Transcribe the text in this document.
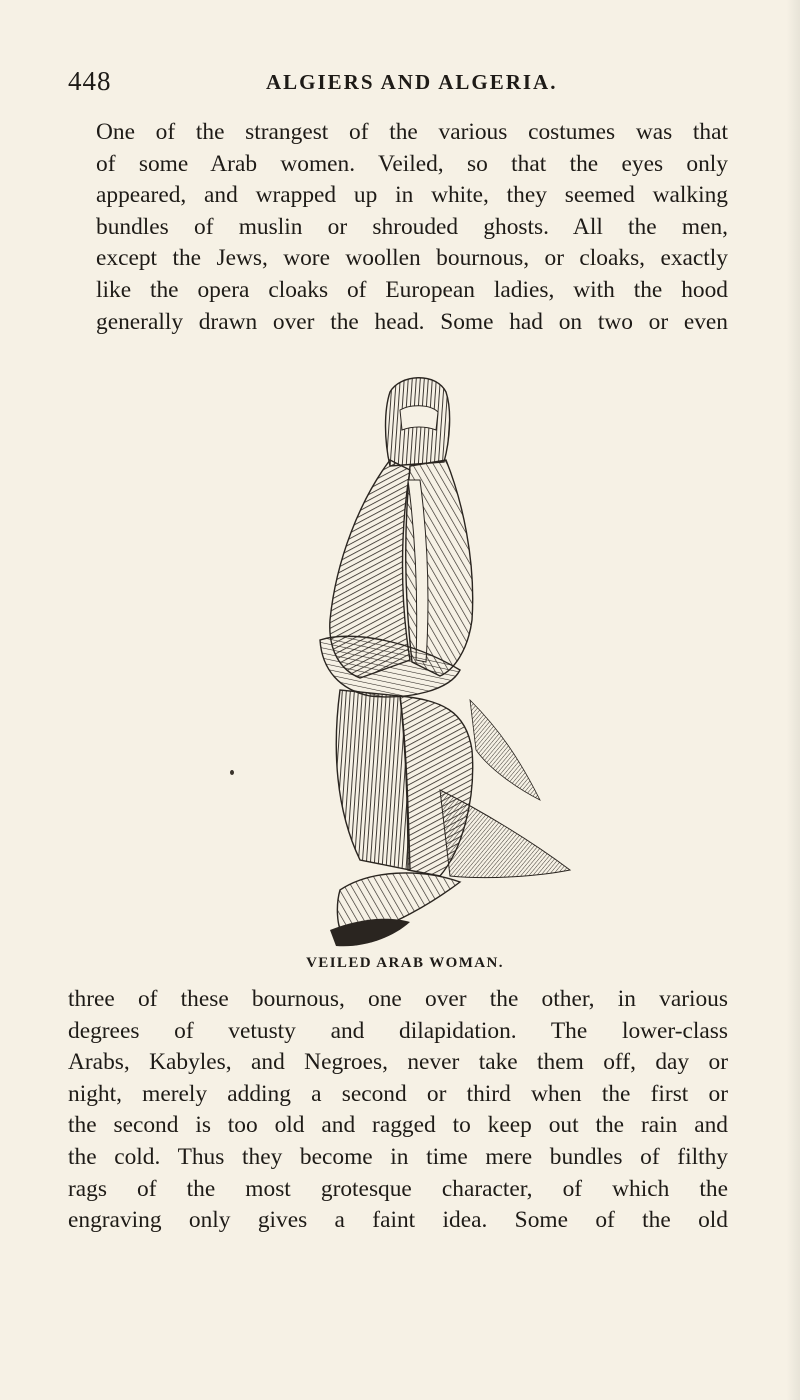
448	ALGIERS AND ALGERIA.
One of the strangest of the various costumes was that
of some Arab women. Veiled, so that the eyes only
appeared, and wrapped up in white, they seemed walking
bundles of muslin or shrouded ghosts. All the men,
except the Jews, wore woollen bournous, or cloaks, exactly
like the opera cloaks of European ladies, with the hood
generally drawn over the head. Some had on two or even
VEILED ARAB WOMAN.
three of these bournous, one over the other, in various
degrees of vetusty and dilapidation. The lower-class
Arabs, Kabyles, and Negroes, never take them off, day or
night, merely adding a second or third when the first or
the second is too old and ragged to keep out the rain and
the cold. Thus they become in time mere bundles of filthy
rags of the most grotesque character, of which the
engraving only gives a faint idea. Some of the old
